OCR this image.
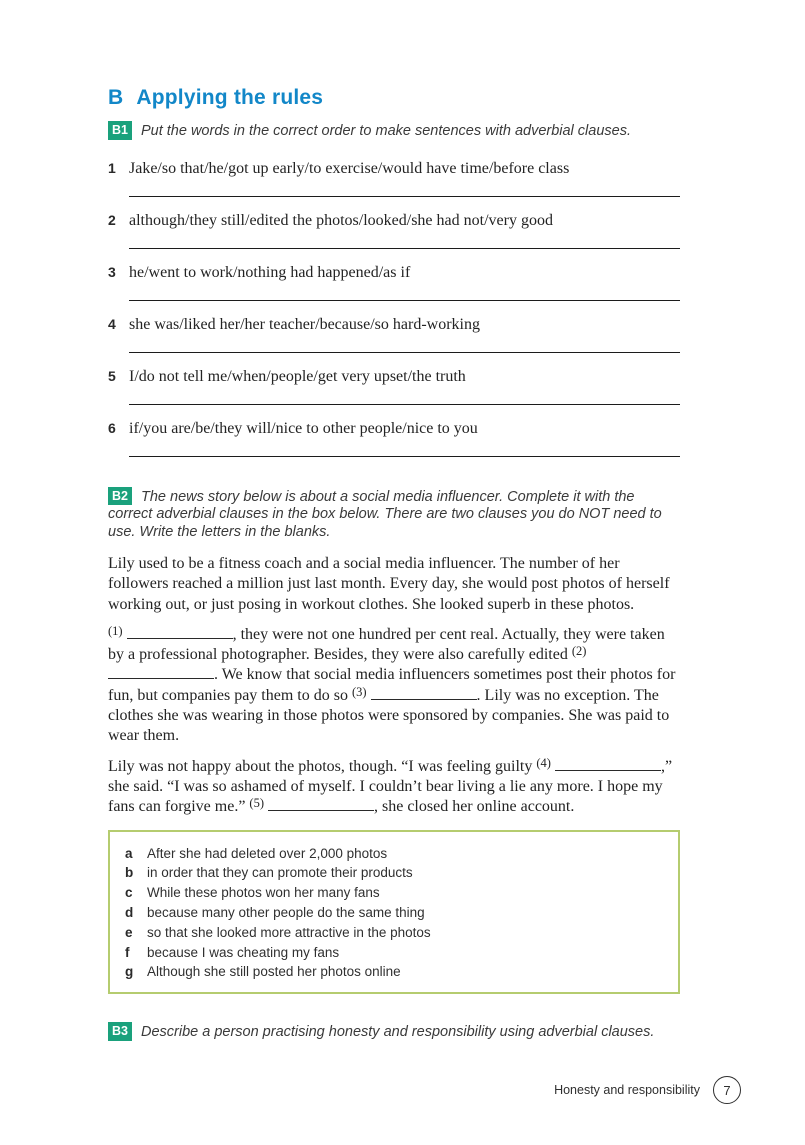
B Applying the rules

B1 Put the words in the correct order to make sentences with adverbial clauses.

1 Jake/so that/he/got up early/to exercise/would have time/before class
2 although/they still/edited the photos/looked/she had not/very good
3 he/went to work/nothing had happened/as if
4 she was/liked her/her teacher/because/so hard-working
5 I/do not tell me/when/people/get very upset/the truth
6 if/you are/be/they will/nice to other people/nice to you

B2 The news story below is about a social media influencer. Complete it with the correct adverbial clauses in the box below. There are two clauses you do NOT need to use. Write the letters in the blanks.

Lily used to be a fitness coach and a social media influencer. The number of her followers reached a million just last month. Every day, she would post photos of herself working out, or just posing in workout clothes. She looked superb in these photos.

$^{(1)}$	, they were not one hundred per cent real. Actually, they were taken by a professional photographer. Besides, they were also carefully edited $^{(2)}$ . We know that social media influencers sometimes post their photos for fun, but companies pay them to do so $^{(3)}$	. Lily was no exception. The clothes she was wearing in those photos were sponsored by companies. She was paid to wear them.

Lily was not happy about the photos, though. “I was feeling guilty $^{(4)}$	,” she said. “I was so ashamed of myself. I couldn’t bear living a lie any more. I hope my fans can forgive me.” $^{(5)}$	, she closed her online account.

a	After she had deleted over 2,000 photos
b	in order that they can promote their products
c	While these photos won her many fans
d	because many other people do the same thing
e	so that she looked more attractive in the photos
f	because I was cheating my fans
g	Although she still posted her photos online

B3 Describe a person practising honesty and responsibility using adverbial clauses.

Honesty and responsibility	7
